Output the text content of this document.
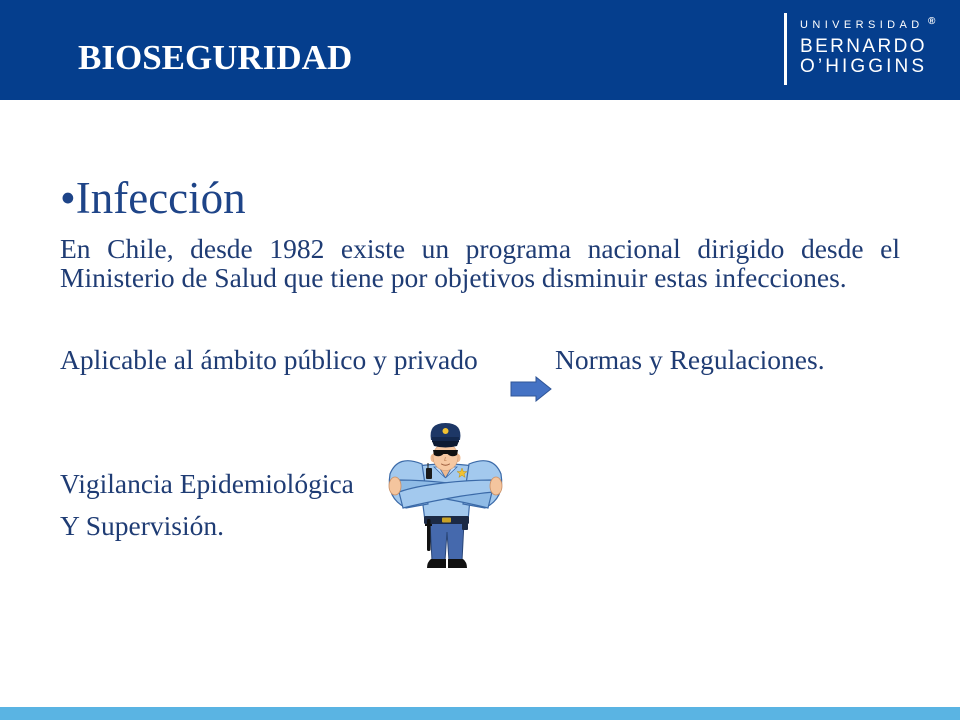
BIOSEGURIDAD
UNIVERSIDAD
BERNARDO
O’HIGGINS
®
•Infección
En Chile, desde 1982 existe un programa nacional dirigido desde el Ministerio de Salud que tiene por objetivos disminuir estas infecciones.
Aplicable al ámbito público y privado	Normas y Regulaciones.
Vigilancia Epidemiológica
Y Supervisión.
